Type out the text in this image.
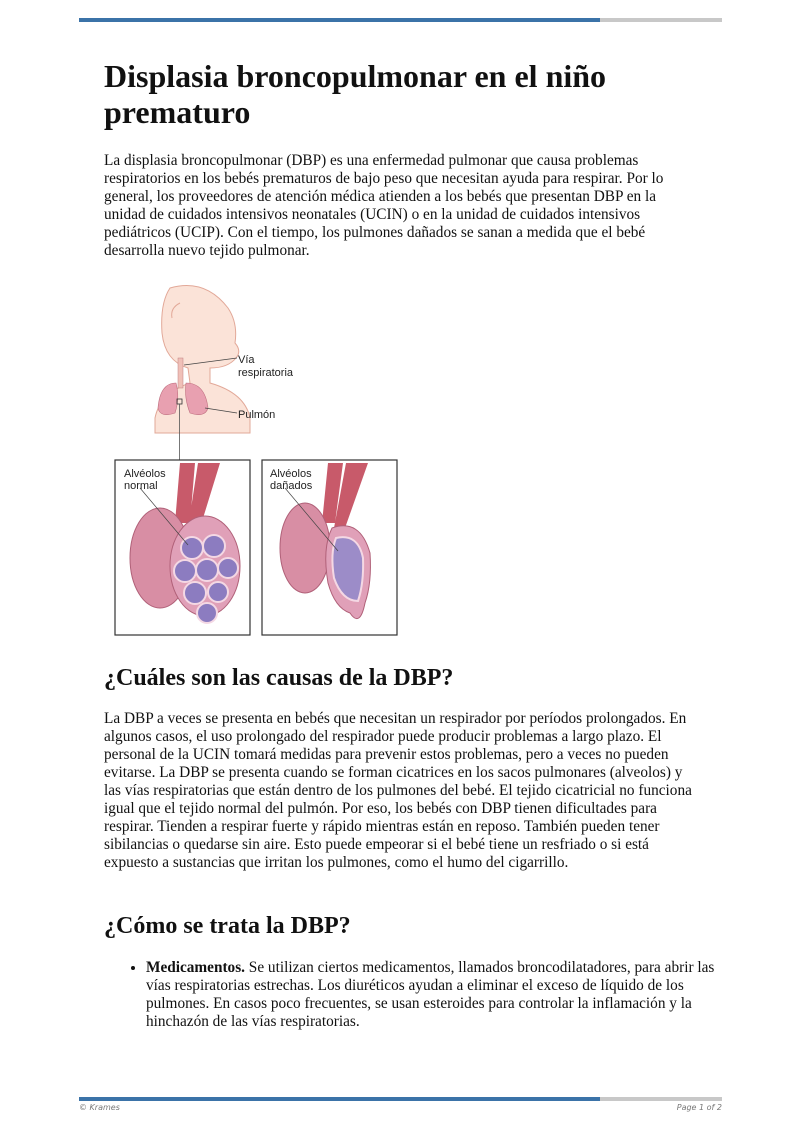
Displasia broncopulmonar en el niño prematuro

La displasia broncopulmonar (DBP) es una enfermedad pulmonar que causa problemas respiratorios en los bebés prematuros de bajo peso que necesitan ayuda para respirar. Por lo general, los proveedores de atención médica atienden a los bebés que presentan DBP en la unidad de cuidados intensivos neonatales (UCIN) o en la unidad de cuidados intensivos pediátricos (UCIP). Con el tiempo, los pulmones dañados se sanan a medida que el bebé desarrolla nuevo tejido pulmonar.

Vía
respiratoria
Pulmón
Alvéolos
normal
Alvéolos
dañados
¿Cuáles son las causas de la DBP?

La DBP a veces se presenta en bebés que necesitan un respirador por períodos prolongados. En algunos casos, el uso prolongado del respirador puede producir problemas a largo plazo. El personal de la UCIN tomará medidas para prevenir estos problemas, pero a veces no pueden evitarse. La DBP se presenta cuando se forman cicatrices en los sacos pulmonares (alveolos) y las vías respiratorias que están dentro de los pulmones del bebé. El tejido cicatricial no funciona igual que el tejido normal del pulmón. Por eso, los bebés con DBP tienen dificultades para respirar. Tienden a respirar fuerte y rápido mientras están en reposo. También pueden tener sibilancias o quedarse sin aire. Esto puede empeorar si el bebé tiene un resfriado o si está expuesto a sustancias que irritan los pulmones, como el humo del cigarrillo.

¿Cómo se trata la DBP?
• Medicamentos. Se utilizan ciertos medicamentos, llamados broncodilatadores, para abrir las vías respiratorias estrechas. Los diuréticos ayudan a eliminar el exceso de líquido de los pulmones. En casos poco frecuentes, se usan esteroides para controlar la inflamación y la hinchazón de las vías respiratorias.
© Krames	Page 1 of 2
